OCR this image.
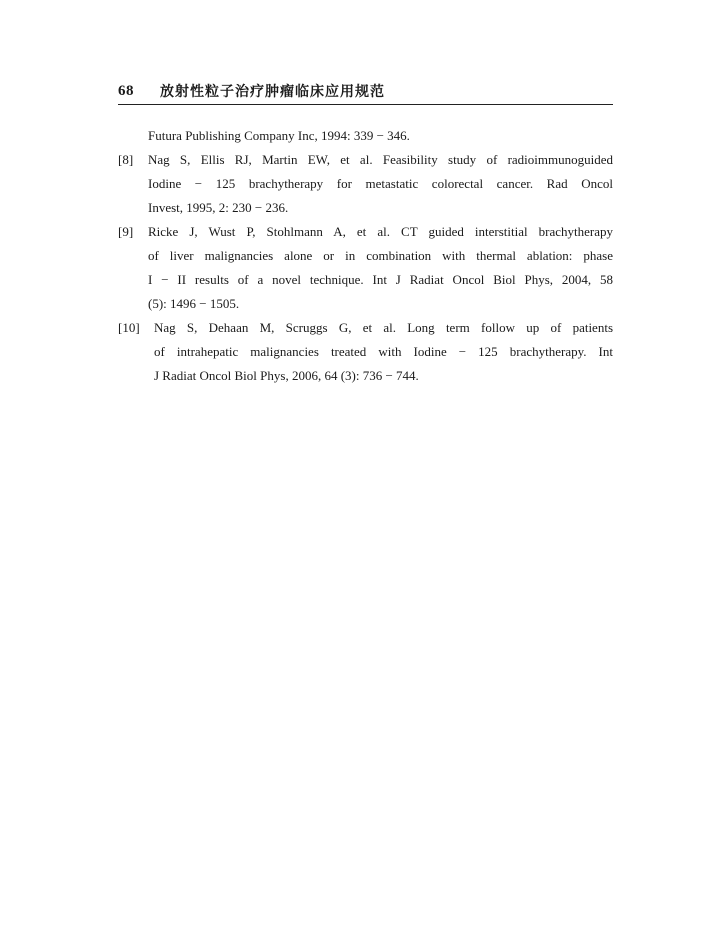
68 放射性粒子治疗肿瘤临床应用规范
Futura Publishing Company Inc, 1994: 339 − 346.
[8] Nag S, Ellis RJ, Martin EW, et al. Feasibility study of radioimmunoguided
Iodine − 125 brachytherapy for metastatic colorectal cancer. Rad Oncol
Invest, 1995, 2: 230 − 236.
[9] Ricke J, Wust P, Stohlmann A, et al. CT guided interstitial brachytherapy
of liver malignancies alone or in combination with thermal ablation: phase
I − II results of a novel technique. Int J Radiat Oncol Biol Phys, 2004, 58
(5): 1496 − 1505.
[10] Nag S, Dehaan M, Scruggs G, et al. Long term follow up of patients
of intrahepatic malignancies treated with Iodine − 125 brachytherapy. Int
J Radiat Oncol Biol Phys, 2006, 64 (3): 736 − 744.
